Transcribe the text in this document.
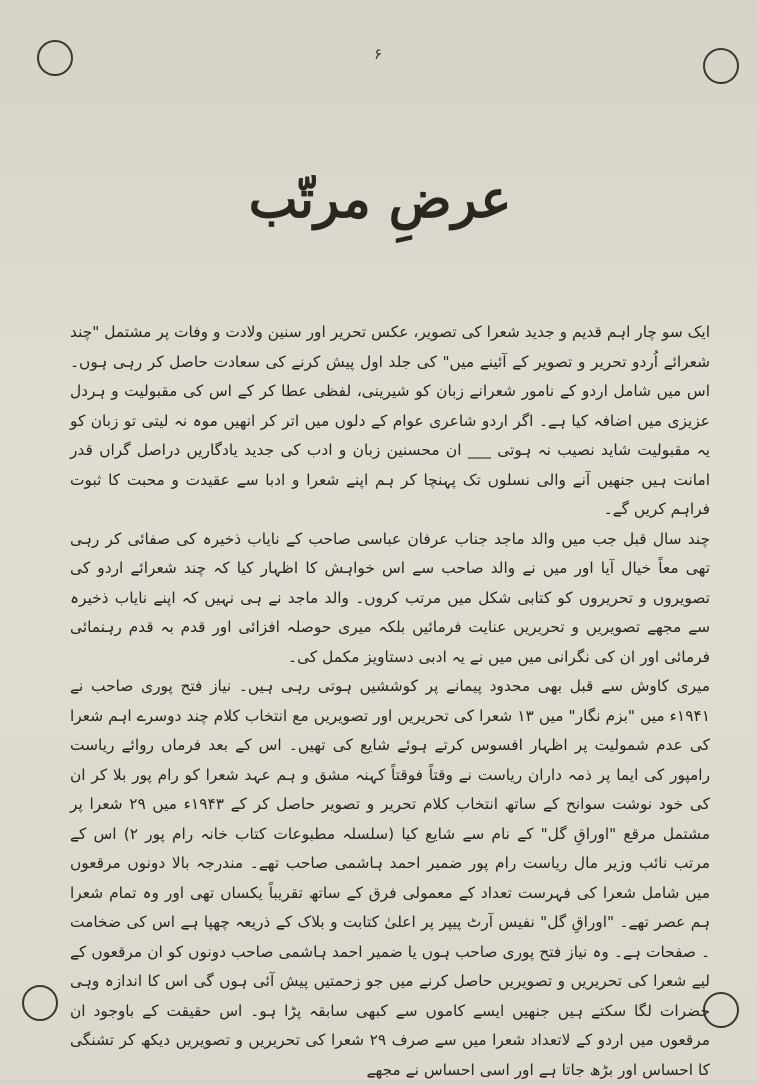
۶
عرضِ مرتّب

ایک سو چار اہم قدیم و جدید شعرا کی تصویر، عکس تحریر اور سنین ولادت و وفات پر مشتمل "چند شعرائے اُردو تحریر و تصویر کے آئینے میں" کی جلد اول پیش کرنے کی سعادت حاصل کر رہی ہوں۔ اس میں شامل اردو کے نامور شعرانے زبان کو شیرینی، لفظی عطا کر کے اس کی مقبولیت و ہردل عزیزی میں اضافہ کیا ہے۔ اگر اردو شاعری عوام کے دلوں میں اتر کر انھیں موہ نہ لیتی تو زبان کو یہ مقبولیت شاید نصیب نہ ہوتی ___ ان محسنین زبان و ادب کی جدید یادگاریں دراصل گراں قدر امانت ہیں جنھیں آنے والی نسلوں تک پہنچا کر ہم اپنے شعرا و ادبا سے عقیدت و محبت کا ثبوت فراہم کریں گے۔

چند سال قبل جب میں والد ماجد جناب عرفان عباسی صاحب کے نایاب ذخیرہ کی صفائی کر رہی تھی معاً خیال آیا اور میں نے والد صاحب سے اس خواہش کا اظہار کیا کہ چند شعرائے اردو کی تصویروں و تحریروں کو کتابی شکل میں مرتب کروں۔ والد ماجد نے ہی نہیں کہ اپنے نایاب ذخیرہ سے مجھے تصویریں و تحریریں عنایت فرمائیں بلکہ میری حوصلہ افزائی اور قدم بہ قدم رہنمائی فرمائی اور ان کی نگرانی میں میں نے یہ ادبی دستاویز مکمل کی۔

میری کاوش سے قبل بھی محدود پیمانے پر کوششیں ہوتی رہی ہیں۔ نیاز فتح پوری صاحب نے ۱۹۴۱ء میں "بزم نگار" میں ۱۳ شعرا کی تحریریں اور تصویریں مع انتخاب کلام چند دوسرے اہم شعرا کی عدم شمولیت پر اظہار افسوس کرتے ہوئے شایع کی تھیں۔ اس کے بعد فرماں روائے ریاست رامپور کی ایما پر ذمہ داران ریاست نے وقتاً فوقتاً کہنہ مشق و ہم عہد شعرا کو رام پور بلا کر ان کی خود نوشت سوانح کے ساتھ انتخاب کلام تحریر و تصویر حاصل کر کے ۱۹۴۳ء میں ۲۹ شعرا پر مشتمل مرقع "اوراقِ گل" کے نام سے شایع کیا (سلسلہ مطبوعات کتاب خانہ رام پور ۲) اس کے مرتب نائب وزیر مال ریاست رام پور ضمیر احمد ہاشمی صاحب تھے۔ مندرجہ بالا دونوں مرقعوں میں شامل شعرا کی فہرست تعداد کے معمولی فرق کے ساتھ تقریباً یکساں تھی اور وہ تمام شعرا ہم عصر تھے۔ "اوراقِ گل" نفیس آرٹ پیپر پر اعلیٰ کتابت و بلاک کے ذریعہ چھپا ہے اس کی ضخامت ۔ صفحات ہے۔ وہ نیاز فتح پوری صاحب ہوں یا ضمیر احمد ہاشمی صاحب دونوں کو ان مرقعوں کے لیے شعرا کی تحریریں و تصویریں حاصل کرنے میں جو زحمتیں پیش آئی ہوں گی اس کا اندازہ وہی حضرات لگا سکتے ہیں جنھیں ایسے کاموں سے کبھی سابقہ پڑا ہو۔ اس حقیقت کے باوجود ان مرقعوں میں اردو کے لاتعداد شعرا میں سے صرف ۲۹ شعرا کی تحریریں و تصویریں دیکھ کر تشنگی کا احساس اور بڑھ جاتا ہے اور اسی احساس نے مجھے
